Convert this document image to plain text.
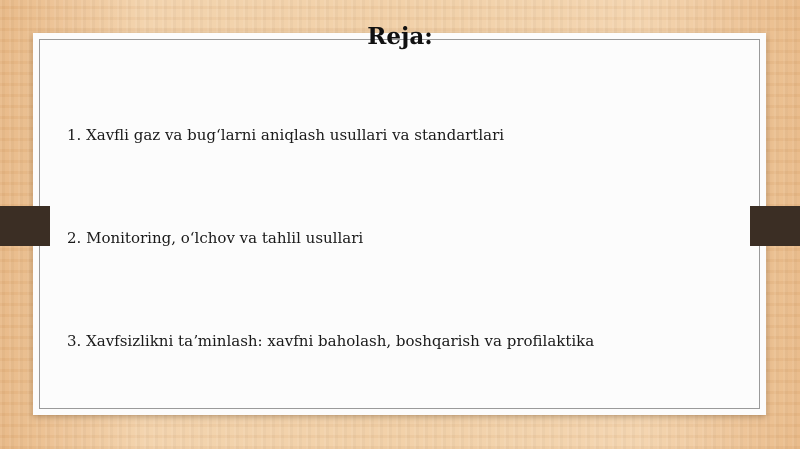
Reja:
1. Xavfli gaz va bugʻlarni aniqlash usullari va standartlari
2. Monitoring, oʻlchov va tahlil usullari
3. Xavfsizlikni taʼminlash: xavfni baholash, boshqarish va profilaktika
